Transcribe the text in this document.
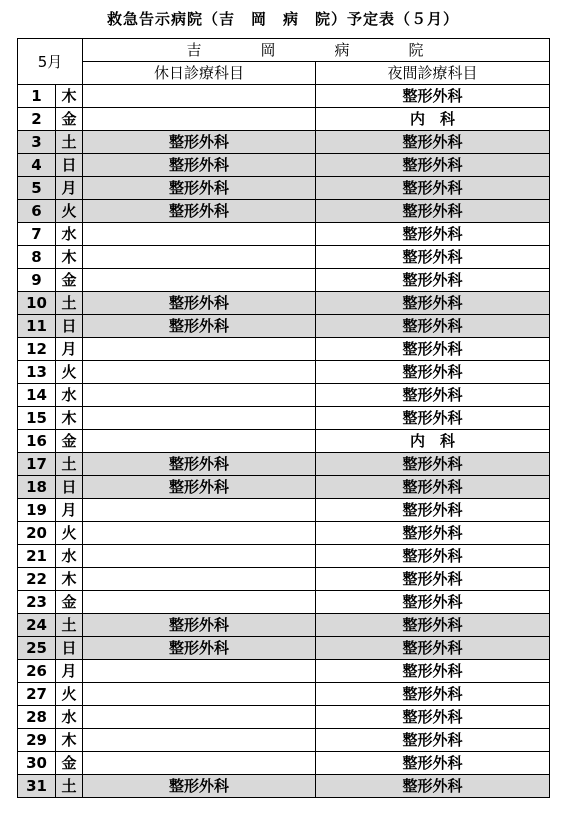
救急告示病院（吉　岡　病　院）予定表（５月）
5月		吉　岡　病　院	
		休日診療科目	夜間診療科目
1	木		整形外科
2	金		内　科
3	土	整形外科	整形外科
4	日	整形外科	整形外科
5	月	整形外科	整形外科
6	火	整形外科	整形外科
7	水		整形外科
8	木		整形外科
9	金		整形外科
10	土	整形外科	整形外科
11	日	整形外科	整形外科
12	月		整形外科
13	火		整形外科
14	水		整形外科
15	木		整形外科
16	金		内　科
17	土	整形外科	整形外科
18	日	整形外科	整形外科
19	月		整形外科
20	火		整形外科
21	水		整形外科
22	木		整形外科
23	金		整形外科
24	土	整形外科	整形外科
25	日	整形外科	整形外科
26	月		整形外科
27	火		整形外科
28	水		整形外科
29	木		整形外科
30	金		整形外科
31	土	整形外科	整形外科
